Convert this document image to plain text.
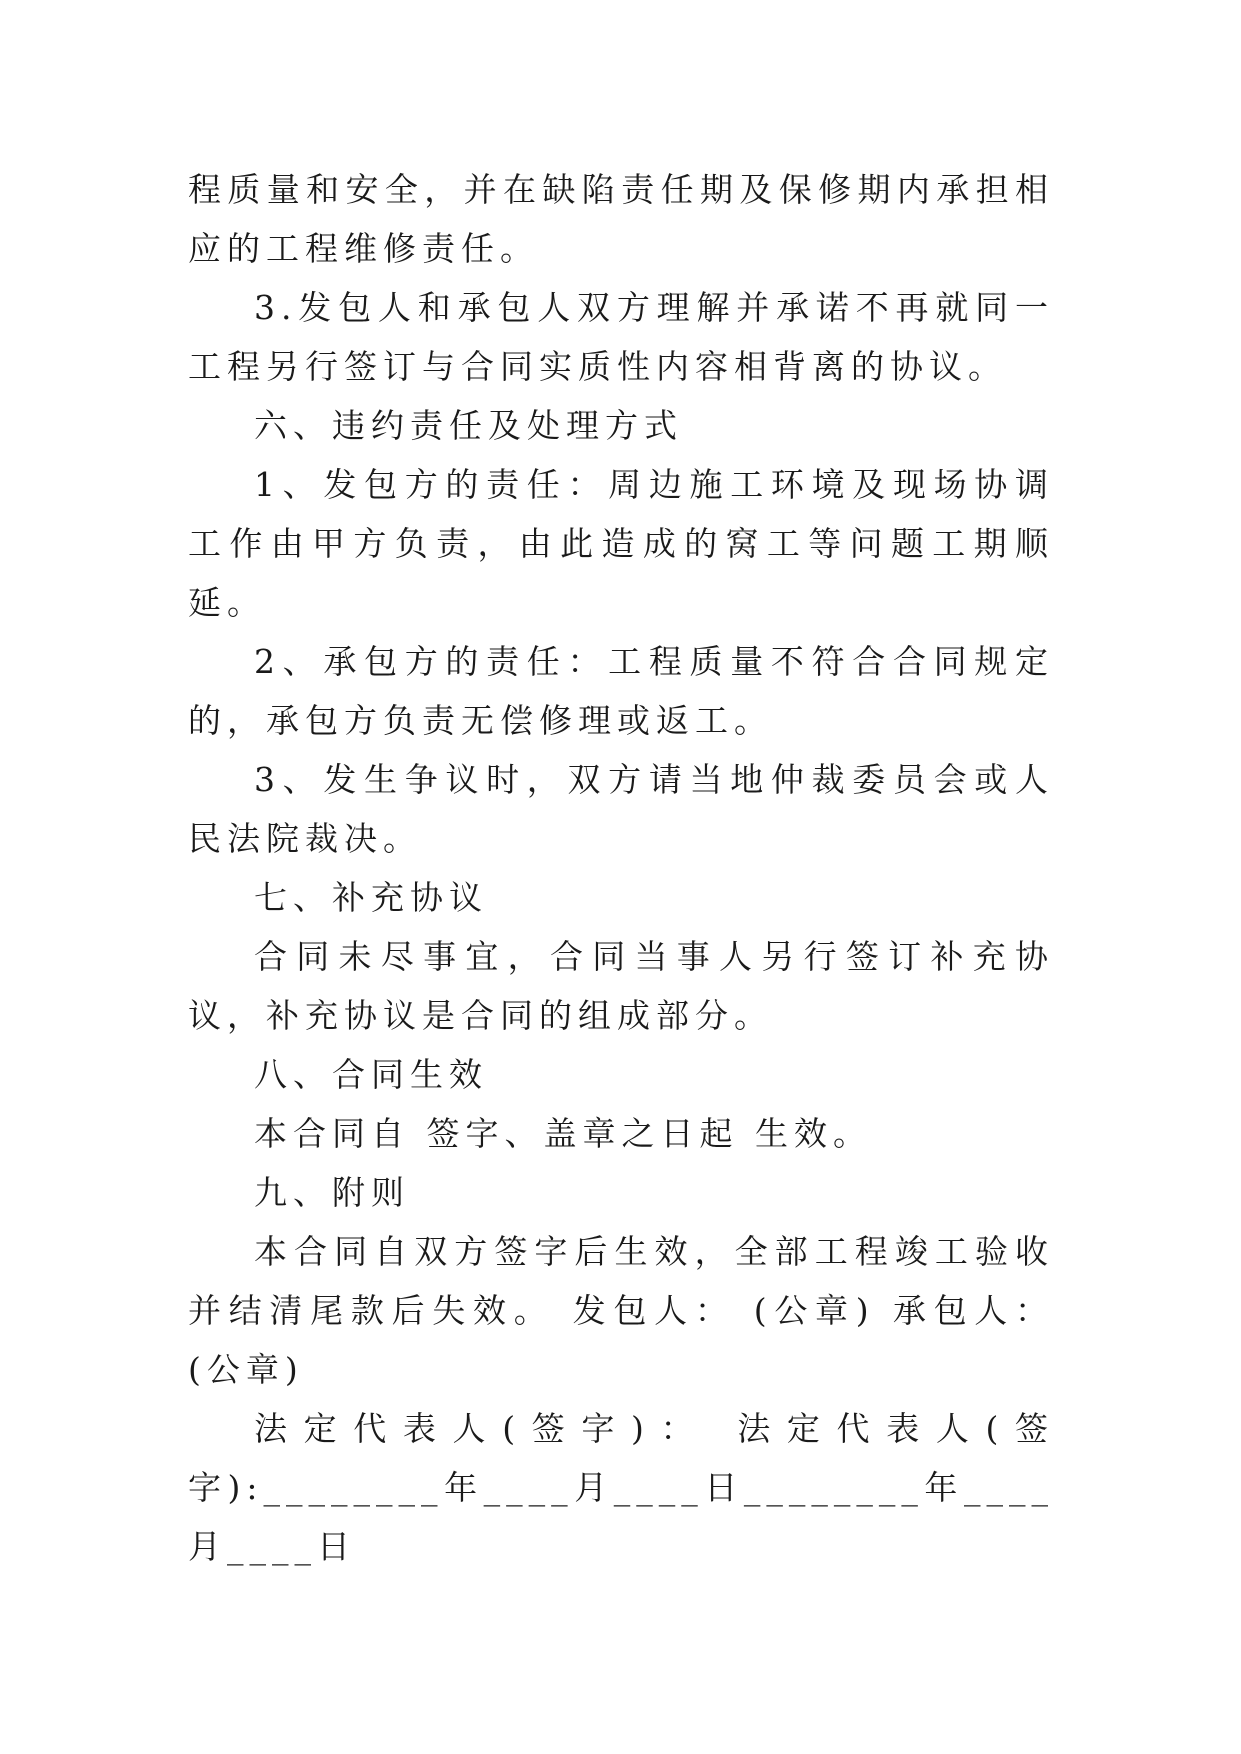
程质量和安全，并在缺陷责任期及保修期内承担相应的工程维修责任。

3.发包人和承包人双方理解并承诺不再就同一工程另行签订与合同实质性内容相背离的协议。

六、违约责任及处理方式

1、发包方的责任：周边施工环境及现场协调工作由甲方负责，由此造成的窝工等问题工期顺延。

2、承包方的责任：工程质量不符合合同规定的，承包方负责无偿修理或返工。

3、发生争议时，双方请当地仲裁委员会或人民法院裁决。

七、补充协议

合同未尽事宜，合同当事人另行签订补充协议，补充协议是合同的组成部分。

八、合同生效

本合同自 签字、盖章之日起 生效。

九、附则

本合同自双方签字后生效，全部工程竣工验收并结清尾款后失效。 发包人： (公章) 承包人： (公章)

法定代表人(签字)： 法定代表人(签字):________年____月____日________年____月____日
